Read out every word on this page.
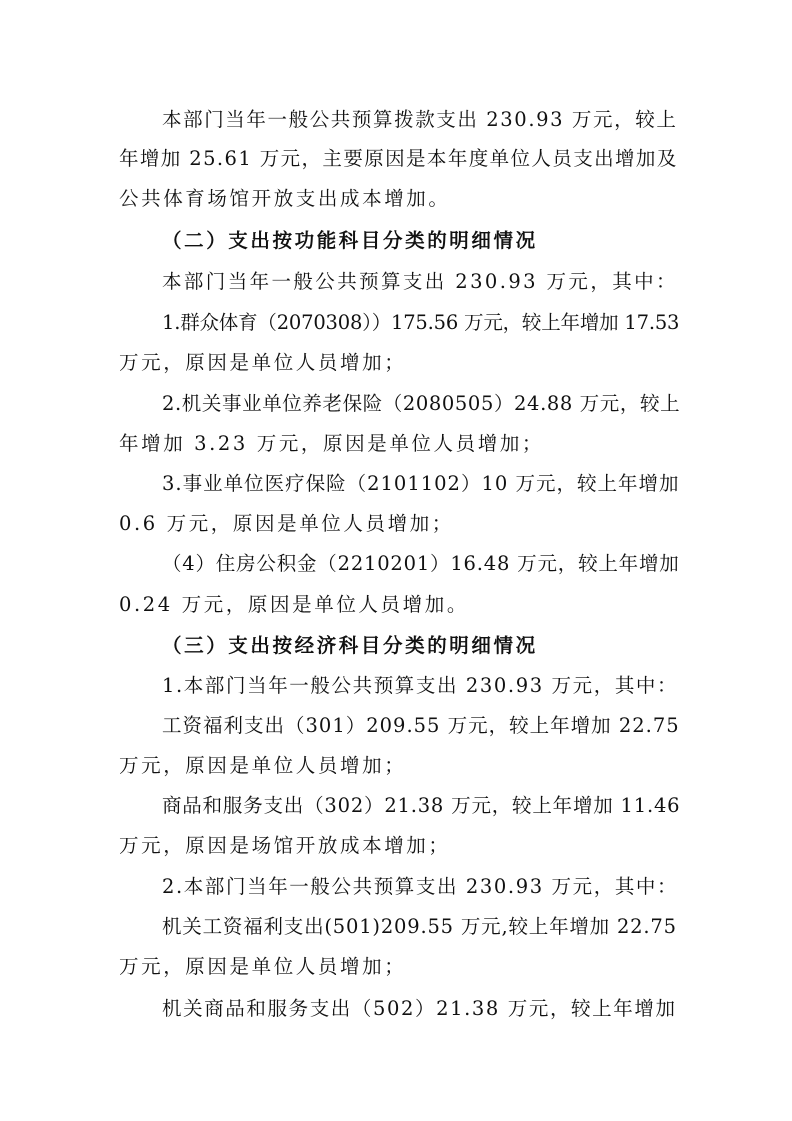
本部门当年一般公共预算拨款支出 230.93 万元，较上
年增加 25.61 万元，主要原因是本年度单位人员支出增加及
公共体育场馆开放支出成本增加。
（二）支出按功能科目分类的明细情况
本部门当年一般公共预算支出 230.93 万元，其中：
1.群众体育（2070308））175.56 万元，较上年增加 17.53
万元，原因是单位人员增加；
2.机关事业单位养老保险（2080505）24.88 万元，较上
年增加 3.23 万元，原因是单位人员增加；
3.事业单位医疗保险（2101102）10 万元，较上年增加
0.6 万元，原因是单位人员增加；
（4）住房公积金（2210201）16.48 万元，较上年增加
0.24 万元，原因是单位人员增加。
（三）支出按经济科目分类的明细情况
1.本部门当年一般公共预算支出 230.93 万元，其中：
工资福利支出（301）209.55 万元，较上年增加 22.75
万元，原因是单位人员增加；
商品和服务支出（302）21.38 万元，较上年增加 11.46
万元，原因是场馆开放成本增加；
2.本部门当年一般公共预算支出 230.93 万元，其中：
机关工资福利支出(501)209.55 万元,较上年增加 22.75
万元，原因是单位人员增加；
机关商品和服务支出（502）21.38 万元，较上年增加
